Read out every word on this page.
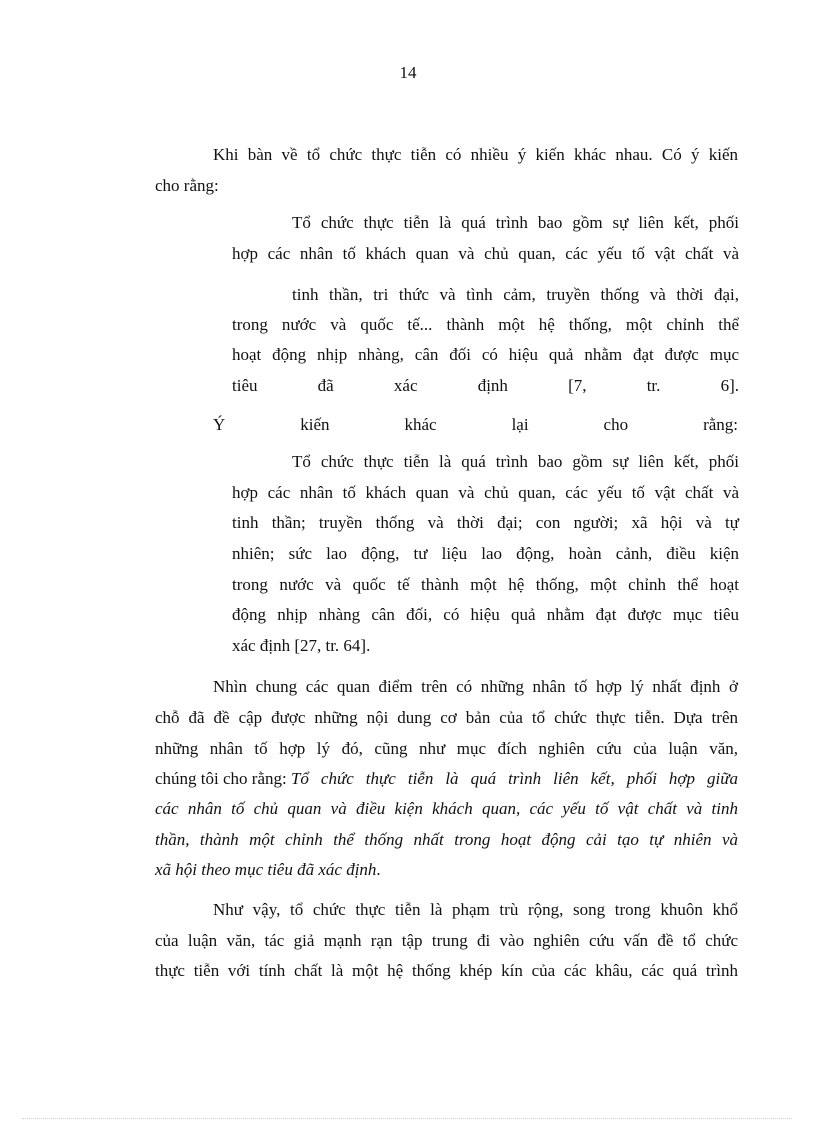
14
Khi bàn về tổ chức thực tiễn có nhiều ý kiến khác nhau. Có ý kiến
cho rằng:
Tổ chức thực tiễn là quá trình bao gồm sự liên kết, phối
hợp các nhân tố khách quan và chủ quan, các yếu tố vật chất và
tinh thần, tri thức và tình cảm, truyền thống và thời đại,
trong nước và quốc tế... thành một hệ thống, một chỉnh thể
hoạt động nhịp nhàng, cân đối có hiệu quả nhằm đạt được mục
tiêu đã xác định [7, tr. 6].
Ý kiến khác lại cho rằng:
Tổ chức thực tiễn là quá trình bao gồm sự liên kết, phối
hợp các nhân tố khách quan và chủ quan, các yếu tố vật chất và
tinh thần; truyền thống và thời đại; con người; xã hội và tự
nhiên; sức lao động, tư liệu lao động, hoàn cảnh, điều kiện
trong nước và quốc tế thành một hệ thống, một chỉnh thể hoạt
động nhịp nhàng cân đối, có hiệu quả nhằm đạt được mục tiêu
xác định [27, tr. 64].
Nhìn chung các quan điểm trên có những nhân tố hợp lý nhất định ở
chỗ đã đề cập được những nội dung cơ bản của tổ chức thực tiễn. Dựa trên
những nhân tố hợp lý đó, cũng như mục đích nghiên cứu của luận văn,
chúng tôi cho rằng: Tổ chức thực tiễn là quá trình liên kết, phối hợp giữa
các nhân tố chủ quan và điều kiện khách quan, các yếu tố vật chất và tinh
thần, thành một chỉnh thể thống nhất trong hoạt động cải tạo tự nhiên và
xã hội theo mục tiêu đã xác định.
Như vậy, tổ chức thực tiễn là phạm trù rộng, song trong khuôn khổ
của luận văn, tác giả mạnh rạn tập trung đi vào nghiên cứu vấn đề tổ chức
thực tiễn với tính chất là một hệ thống khép kín của các khâu, các quá trình
